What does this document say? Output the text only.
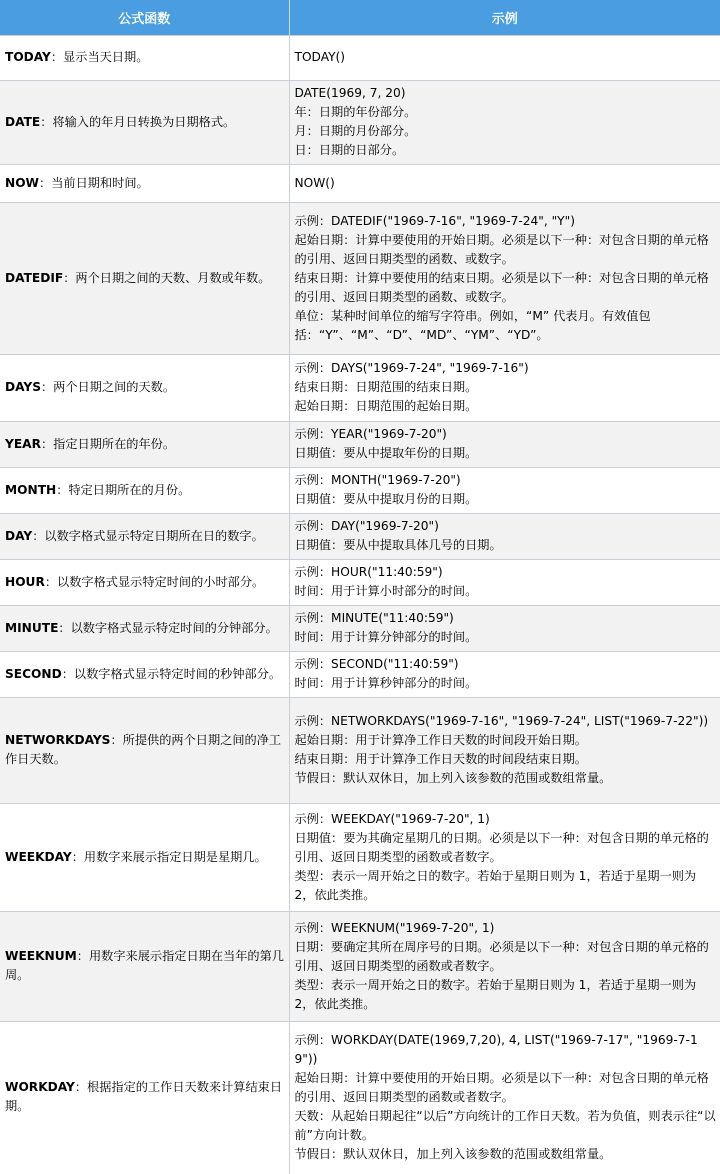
公式函数	示例
TODAY：显示当天日期。	TODAY()

DATE：将输入的年月日转换为日期格式。	DATE(1969, 7, 20)
年：日期的年份部分。
月：日期的月份部分。
日：日期的日部分。

NOW：当前日期和时间。	NOW()

DATEDIF：两个日期之间的天数、月数或年数。	示例：DATEDIF("1969-7-16", "1969-7-24", "Y")
起始日期：计算中要使用的开始日期。必须是以下一种：对包含日期的单元格的引用、返回日期类型的函数、或数字。
结束日期：计算中要使用的结束日期。必须是以下一种：对包含日期的单元格的引用、返回日期类型的函数、或数字。
单位：某种时间单位的缩写字符串。例如，“M” 代表月。有效值包括：“Y”、“M”、“D”、“MD”、“YM”、“YD”。

DAYS：两个日期之间的天数。	示例：DAYS("1969-7-24", "1969-7-16")
结束日期：日期范围的结束日期。
起始日期：日期范围的起始日期。

YEAR：指定日期所在的年份。	示例：YEAR("1969-7-20")
日期值：要从中提取年份的日期。

MONTH：特定日期所在的月份。	示例：MONTH("1969-7-20")
日期值：要从中提取月份的日期。

DAY：以数字格式显示特定日期所在日的数字。	示例：DAY("1969-7-20")
日期值：要从中提取具体几号的日期。

HOUR：以数字格式显示特定时间的小时部分。	示例：HOUR("11:40:59")
时间：用于计算小时部分的时间。

MINUTE：以数字格式显示特定时间的分钟部分。	示例：MINUTE("11:40:59")
时间：用于计算分钟部分的时间。

SECOND：以数字格式显示特定时间的秒钟部分。	示例：SECOND("11:40:59")
时间：用于计算秒钟部分的时间。

NETWORKDAYS：所提供的两个日期之间的净工作日天数。	示例：NETWORKDAYS("1969-7-16", "1969-7-24", LIST("1969-7-22"))
起始日期：用于计算净工作日天数的时间段开始日期。
结束日期：用于计算净工作日天数的时间段结束日期。
节假日：默认双休日，加上列入该参数的范围或数组常量。

WEEKDAY：用数字来展示指定日期是星期几。	示例：WEEKDAY("1969-7-20", 1)
日期值：要为其确定星期几的日期。必须是以下一种：对包含日期的单元格的引用、返回日期类型的函数或者数字。
类型：表示一周开始之日的数字。若始于星期日则为 1，若适于星期一则为2，依此类推。

WEEKNUM：用数字来展示指定日期在当年的第几周。	示例：WEEKNUM("1969-7-20", 1)
日期：要确定其所在周序号的日期。必须是以下一种：对包含日期的单元格的引用、返回日期类型的函数或者数字。
类型：表示一周开始之日的数字。若始于星期日则为 1，若适于星期一则为2，依此类推。

WORKDAY：根据指定的工作日天数来计算结束日期。	示例：WORKDAY(DATE(1969,7,20), 4, LIST("1969-7-17", "1969-7-19"))
起始日期：计算中要使用的开始日期。必须是以下一种：对包含日期的单元格的引用、返回日期类型的函数或者数字。
天数：从起始日期起往“以后”方向统计的工作日天数。若为负值，则表示往“以前”方向计数。
节假日：默认双休日，加上列入该参数的范围或数组常量。
